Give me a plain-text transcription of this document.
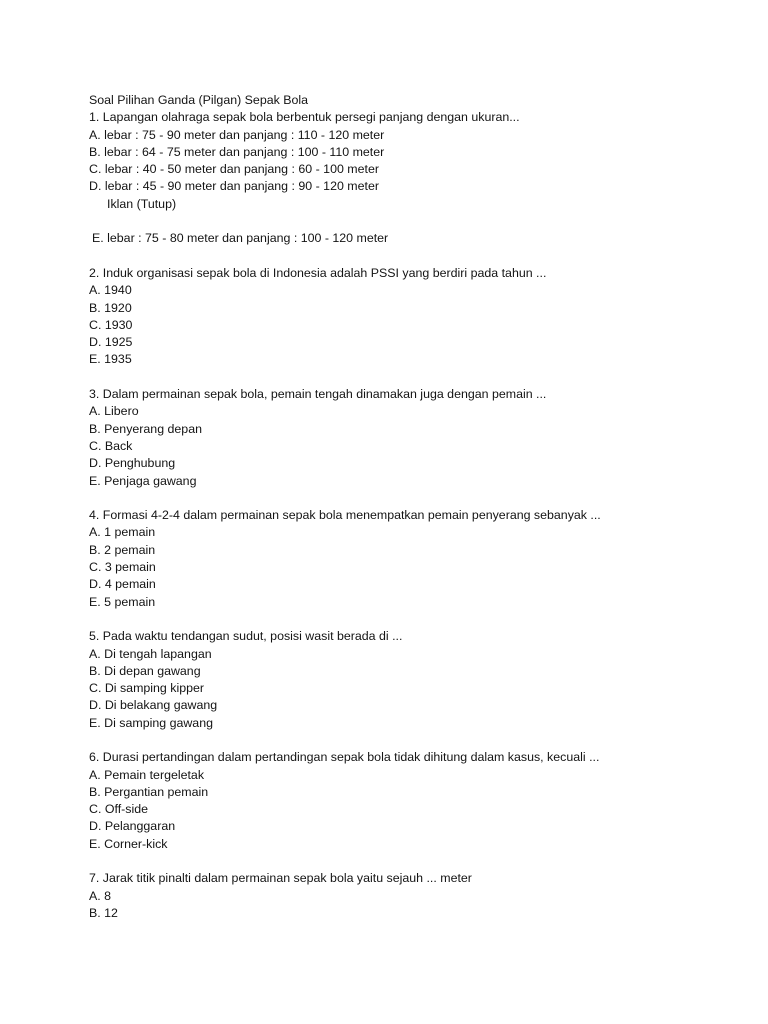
Soal Pilihan Ganda (Pilgan) Sepak Bola
1. Lapangan olahraga sepak bola berbentuk persegi panjang dengan ukuran...
A. lebar : 75 - 90 meter dan panjang : 110 - 120 meter
B. lebar : 64 - 75 meter dan panjang : 100 - 110 meter
C. lebar : 40 - 50 meter dan panjang : 60 - 100 meter
D. lebar : 45 - 90 meter dan panjang : 90 - 120 meter
Iklan (Tutup)
E. lebar : 75 - 80 meter dan panjang : 100 - 120 meter
2. Induk organisasi sepak bola di Indonesia adalah PSSI yang berdiri pada tahun ...
A. 1940
B. 1920
C. 1930
D. 1925
E. 1935
3. Dalam permainan sepak bola, pemain tengah dinamakan juga dengan pemain ...
A. Libero
B. Penyerang depan
C. Back
D. Penghubung
E. Penjaga gawang
4. Formasi 4-2-4 dalam permainan sepak bola menempatkan pemain penyerang sebanyak ...
A. 1 pemain
B. 2 pemain
C. 3 pemain
D. 4 pemain
E. 5 pemain
5. Pada waktu tendangan sudut, posisi wasit berada di ...
A. Di tengah lapangan
B. Di depan gawang
C. Di samping kipper
D. Di belakang gawang
E. Di samping gawang
6. Durasi pertandingan dalam pertandingan sepak bola tidak dihitung dalam kasus, kecuali ...
A. Pemain tergeletak
B. Pergantian pemain
C. Off-side
D. Pelanggaran
E. Corner-kick
7. Jarak titik pinalti dalam permainan sepak bola yaitu sejauh ... meter
A. 8
B. 12
